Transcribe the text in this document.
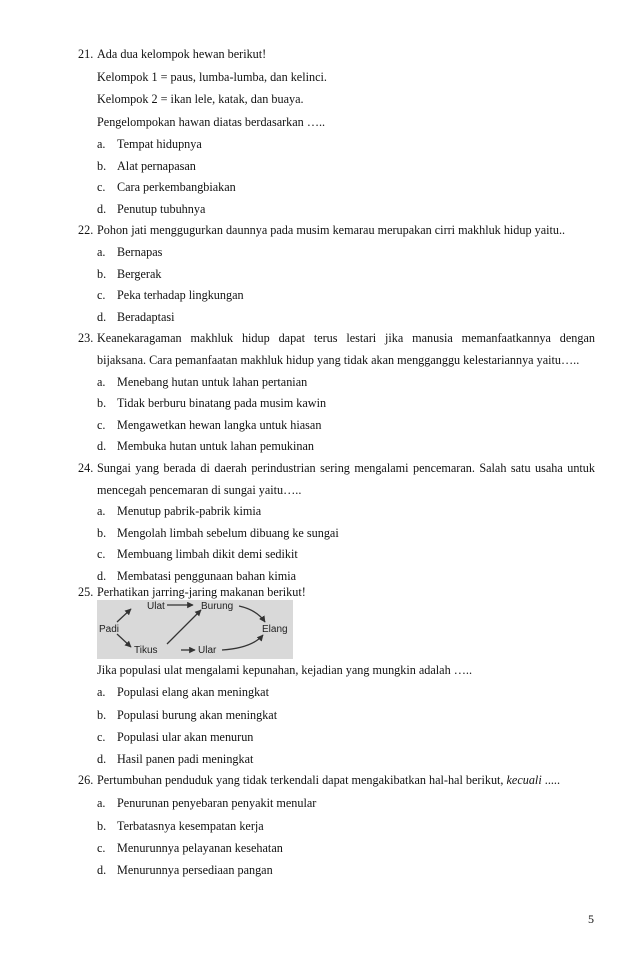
21. Ada dua kelompok hewan berikut!
Kelompok 1 = paus, lumba-lumba, dan kelinci.
Kelompok 2 = ikan lele, katak, dan buaya.
Pengelompokan hawan diatas berdasarkan …..
a. Tempat hidupnya
b. Alat pernapasan
c. Cara perkembangbiakan
d. Penutup tubuhnya
22. Pohon jati menggugurkan daunnya pada musim kemarau merupakan cirri makhluk hidup yaitu..
a. Bernapas
b. Bergerak
c. Peka terhadap lingkungan
d. Beradaptasi
23. Keanekaragaman makhluk hidup dapat terus lestari jika manusia memanfaatkannya dengan
bijaksana. Cara pemanfaatan makhluk hidup yang tidak akan mengganggu kelestariannya yaitu…..
a. Menebang hutan untuk lahan pertanian
b. Tidak berburu binatang pada musim kawin
c. Mengawetkan hewan langka untuk hiasan
d. Membuka hutan untuk lahan pemukinan
24. Sungai yang berada di daerah perindustrian sering mengalami pencemaran. Salah satu usaha untuk
mencegah pencemaran di sungai yaitu…..
a. Menutup pabrik-pabrik kimia
b. Mengolah limbah sebelum dibuang ke sungai
c. Membuang limbah dikit demi sedikit
d. Membatasi penggunaan bahan kimia
25. Perhatikan jarring-jaring makanan berikut!
Ulat	Burung
Padi	Elang
Tikus	Ular
Jika populasi ulat mengalami kepunahan, kejadian yang mungkin adalah …..
a. Populasi elang akan meningkat
b. Populasi burung akan meningkat
c. Populasi ular akan menurun
d. Hasil panen padi meningkat
26. Pertumbuhan penduduk yang tidak terkendali dapat mengakibatkan hal-hal berikut, kecuali .....
a. Penurunan penyebaran penyakit menular
b. Terbatasnya kesempatan kerja
c. Menurunnya pelayanan kesehatan
d. Menurunnya persediaan pangan
5
